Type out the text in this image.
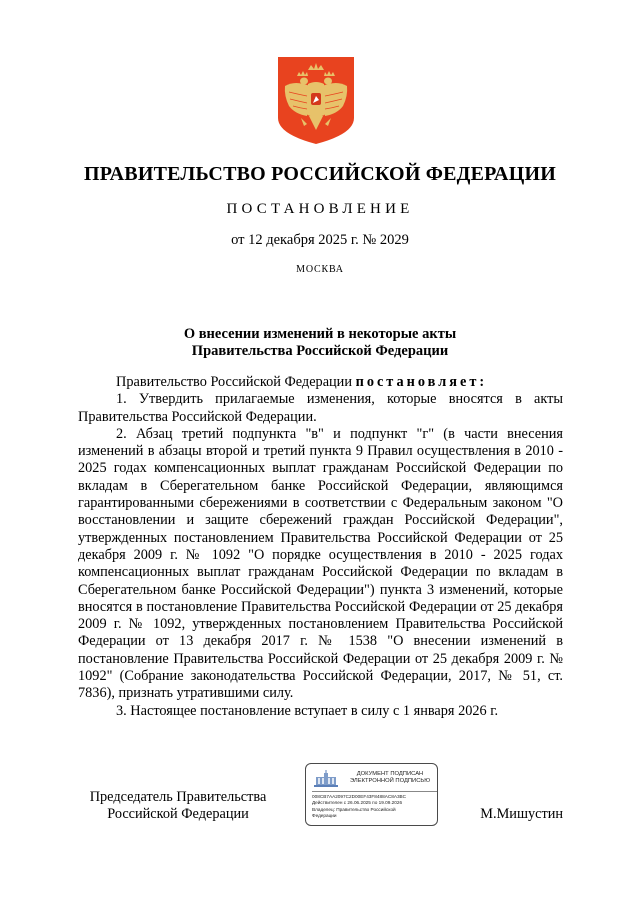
ПРАВИТЕЛЬСТВО РОССИЙСКОЙ ФЕДЕРАЦИИ
ПОСТАНОВЛЕНИЕ
от 12 декабря 2025 г. № 2029
МОСКВА
О внесении изменений в некоторые акты
Правительства Российской Федерации

Правительство Российской Федерации постановляет:

1. Утвердить прилагаемые изменения, которые вносятся в акты Правительства Российской Федерации.

2. Абзац третий подпункта "в" и подпункт "г" (в части внесения изменений в абзацы второй и третий пункта 9 Правил осуществления в 2010 - 2025 годах компенсационных выплат гражданам Российской Федерации по вкладам в Сберегательном банке Российской Федерации, являющимся гарантированными сбережениями в соответствии с Федеральным законом "О восстановлении и защите сбережений граждан Российской Федерации", утвержденных постановлением Правительства Российской Федерации от 25 декабря 2009 г. № 1092 "О порядке осуществления в 2010 - 2025 годах компенсационных выплат гражданам Российской Федерации по вкладам в Сберегательном банке Российской Федерации") пункта 3 изменений, которые вносятся в постановление Правительства Российской Федерации от 25 декабря 2009 г. № 1092, утвержденных постановлением Правительства Российской Федерации от 13 декабря 2017 г. № 1538 "О внесении изменений в постановление Правительства Российской Федерации от 25 декабря 2009 г. № 1092" (Собрание законодательства Российской Федерации, 2017, № 51, ст. 7836), признать утратившими силу.

3. Настоящее постановление вступает в силу с 1 января 2026 г.

Председатель Правительства
Российской Федерации
ДОКУМЕНТ ПОДПИСАН
ЭЛЕКТРОННОЙ ПОДПИСЬЮ
008CB7AA2097C2D00EF43F8488AC8A3BC
Действителен с 26.06.2025 по 19.09.2026
Владелец: Правительство Российской
Федерации	М.Мишустин
